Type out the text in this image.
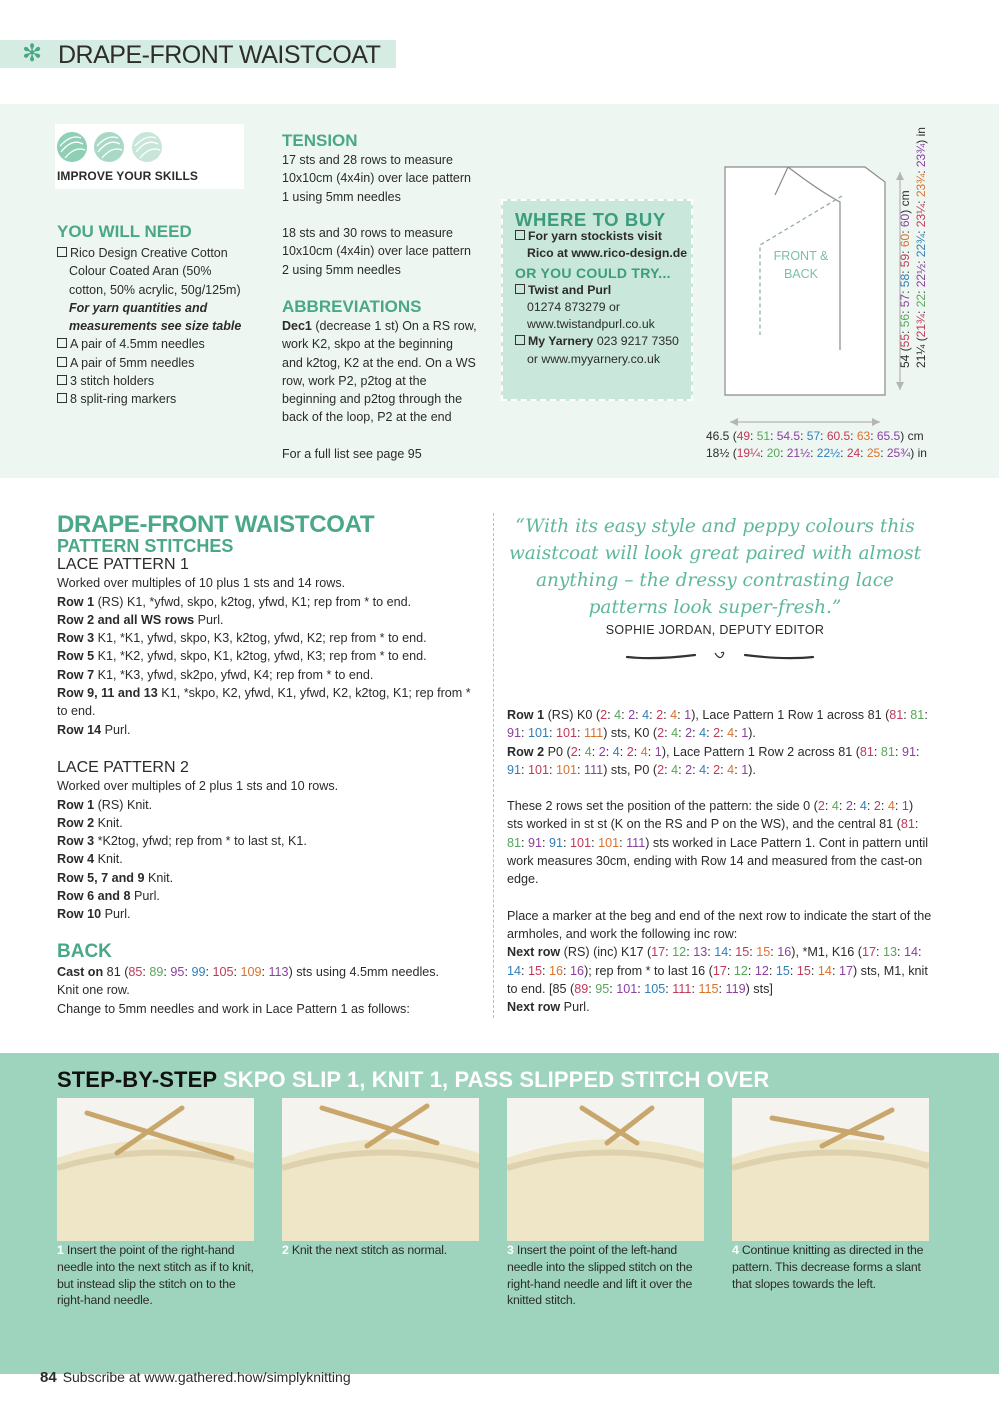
✻ DRAPE-FRONT WAISTCOAT
IMPROVE YOUR SKILLS
YOU WILL NEED
Rico Design Creative Cotton
Colour Coated Aran (50%
cotton, 50% acrylic, 50g/125m)
For yarn quantities and
measurements see size table
A pair of 4.5mm needles
A pair of 5mm needles
3 stitch holders
8 split-ring markers
TENSION
17 sts and 28 rows to measure
10x10cm (4x4in) over lace pattern
1 using 5mm needles

18 sts and 30 rows to measure
10x10cm (4x4in) over lace pattern
2 using 5mm needles
ABBREVIATIONS
Dec1 (decrease 1 st) On a RS row,
work K2, skpo at the beginning
and k2tog, K2 at the end. On a WS
row, work P2, p2tog at the
beginning and p2tog through the
back of the loop, P2 at the end
For a full list see page 95
WHERE TO BUY
For yarn stockists visit
Rico at www.rico-design.de
OR YOU COULD TRY...
Twist and Purl
01274 873279 or
www.twistandpurl.co.uk
My Yarnery 023 9217 7350
or www.myyarnery.co.uk
FRONT &
BACK
46.5 (49: 51: 54.5: 57: 60.5: 63: 65.5) cm
18½ (19¼: 20: 21½: 22½: 24: 25: 25¾) in
54 (55: 56: 57: 58: 59: 60: 60) cm
21¼ (21¾: 22: 22½: 22¾: 23¼: 23¾: 23¾) in
DRAPE-FRONT WAISTCOAT
PATTERN STITCHES
LACE PATTERN 1
Worked over multiples of 10 plus 1 sts and 14 rows.
Row 1 (RS) K1, *yfwd, skpo, k2tog, yfwd, K1; rep from * to end.
Row 2 and all WS rows Purl.
Row 3 K1, *K1, yfwd, skpo, K3, k2tog, yfwd, K2; rep from * to end.
Row 5 K1, *K2, yfwd, skpo, K1, k2tog, yfwd, K3; rep from * to end.
Row 7 K1, *K3, yfwd, sk2po, yfwd, K4; rep from * to end.
Row 9, 11 and 13 K1, *skpo, K2, yfwd, K1, yfwd, K2, k2tog, K1; rep from * to end.
Row 14 Purl.
LACE PATTERN 2
Worked over multiples of 2 plus 1 sts and 10 rows.
Row 1 (RS) Knit.
Row 2 Knit.
Row 3 *K2tog, yfwd; rep from * to last st, K1.
Row 4 Knit.
Row 5, 7 and 9 Knit.
Row 6 and 8 Purl.
Row 10 Purl.
BACK
Cast on 81 (85: 89: 95: 99: 105: 109: 113) sts using 4.5mm needles.
Knit one row.
Change to 5mm needles and work in Lace Pattern 1 as follows:
“With its easy style and peppy colours this waistcoat will look great paired with almost anything – the dressy contrasting lace patterns look super-fresh.”
SOPHIE JORDAN, DEPUTY EDITOR
Row 1 (RS) K0 (2: 4: 2: 4: 2: 4: 1), Lace Pattern 1 Row 1 across 81 (81: 81: 91: 101: 101: 111) sts, K0 (2: 4: 2: 4: 2: 4: 1).
Row 2 P0 (2: 4: 2: 4: 2: 4: 1), Lace Pattern 1 Row 2 across 81 (81: 81: 91: 91: 101: 101: 111) sts, P0 (2: 4: 2: 4: 2: 4: 1).
These 2 rows set the position of the pattern: the side 0 (2: 4: 2: 4: 2: 4: 1) sts worked in st st (K on the RS and P on the WS), and the central 81 (81: 81: 91: 91: 101: 101: 111) sts worked in Lace Pattern 1. Cont in pattern until work measures 30cm, ending with Row 14 and measured from the cast-on edge.
Place a marker at the beg and end of the next row to indicate the start of the armholes, and work the following inc row:
Next row (RS) (inc) K17 (17: 12: 13: 14: 15: 15: 16), *M1, K16 (17: 13: 14: 14: 15: 16: 16); rep from * to last 16 (17: 12: 12: 15: 15: 14: 17) sts, M1, knit to end. [85 (89: 95: 101: 105: 111: 115: 119) sts]
Next row Purl.
STEP-BY-STEP SKPO SLIP 1, KNIT 1, PASS SLIPPED STITCH OVER
1 Insert the point of the right-hand needle into the next stitch as if to knit, but instead slip the stitch on to the right-hand needle.
2 Knit the next stitch as normal.	3 Insert the point of the left-hand needle into the slipped stitch on the right-hand needle and lift it over the knitted stitch.
4 Continue knitting as directed in the pattern. This decrease forms a slant that slopes towards the left.
84 Subscribe at www.gathered.how/simplyknitting
